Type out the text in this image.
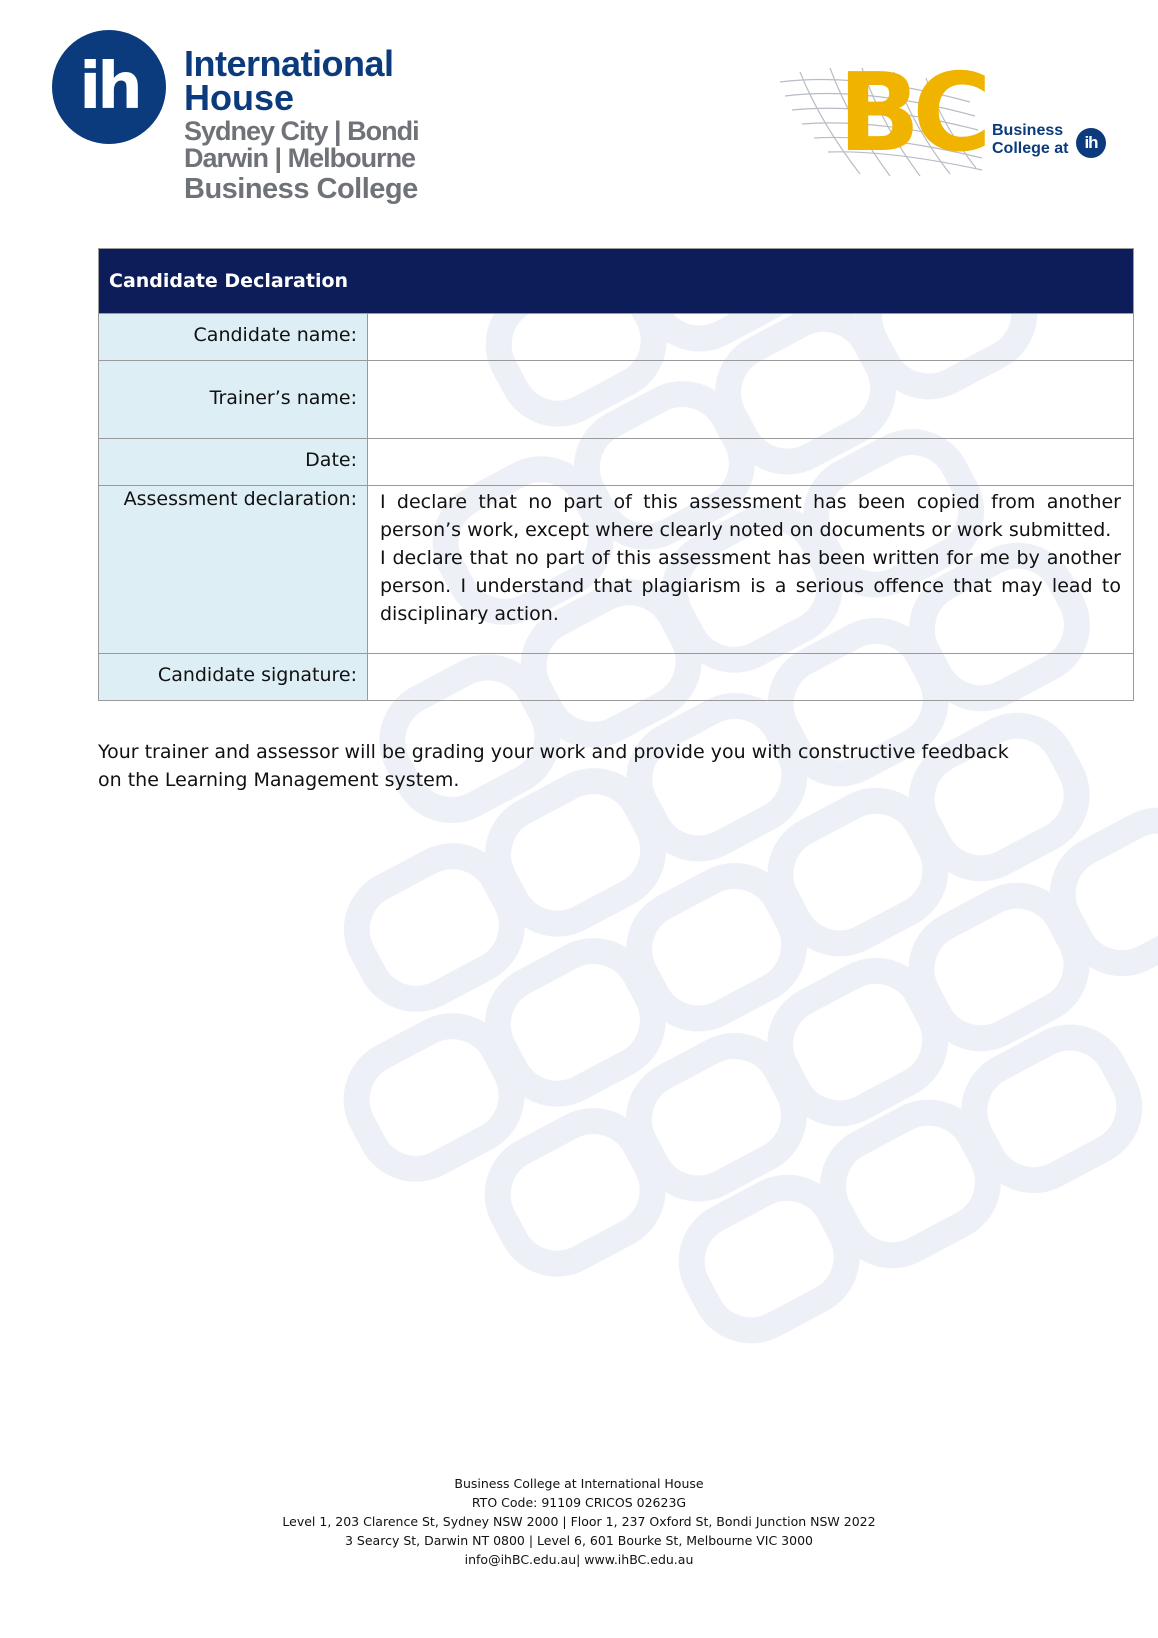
ih	International
House
Sydney City | Bondi
Darwin | Melbourne
Business College
BC Business
College at ih
Candidate Declaration	
Candidate name:	
Trainer’s name:	
Date:	
Assessment declaration:	I declare that no part of this assessment has been copied from another person’s work, except where clearly noted on documents or work submitted.

I declare that no part of this assessment has been written for me by another person. I understand that plagiarism is a serious offence that may lead to disciplinary action.

Candidate signature:	

Your trainer and assessor will be grading your work and provide you with constructive feedback on the Learning Management system.

Business College at International House
RTO Code: 91109 CRICOS 02623G
Level 1, 203 Clarence St, Sydney NSW 2000 | Floor 1, 237 Oxford St, Bondi Junction NSW 2022
3 Searcy St, Darwin NT 0800 | Level 6, 601 Bourke St, Melbourne VIC 3000
info@ihBC.edu.au| www.ihBC.edu.au
